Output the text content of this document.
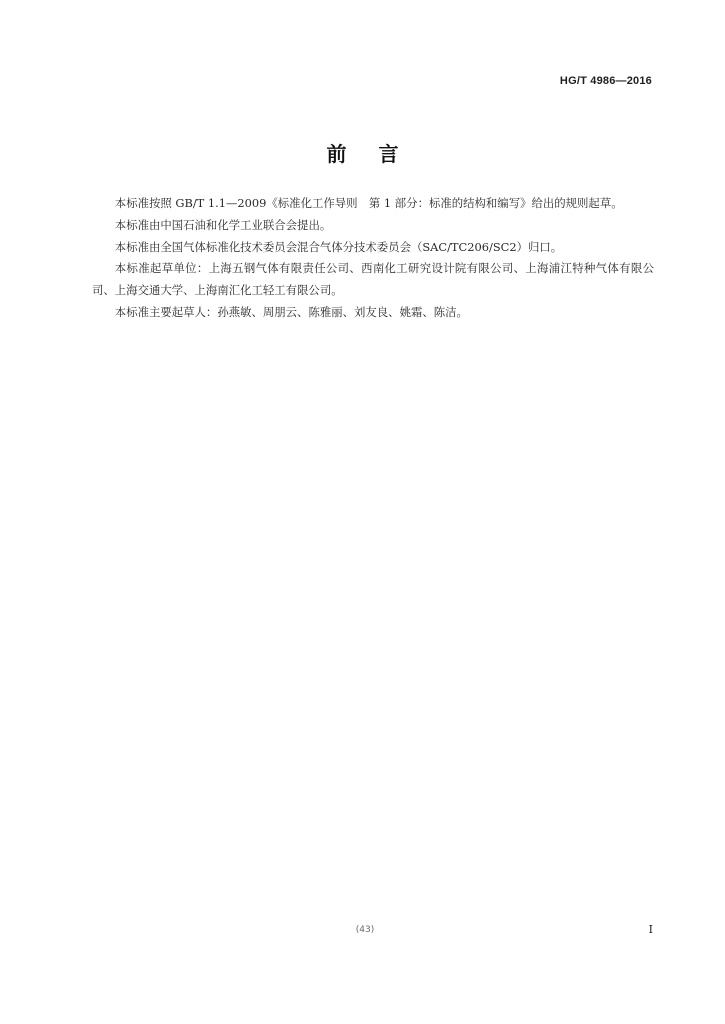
HG/T 4986—2016
前言

本标准按照 GB/T 1.1—2009《标准化工作导则　第 1 部分：标准的结构和编写》给出的规则起草。

本标准由中国石油和化学工业联合会提出。

本标准由全国气体标准化技术委员会混合气体分技术委员会（SAC/TC206/SC2）归口。

本标准起草单位：上海五钢气体有限责任公司、西南化工研究设计院有限公司、上海浦江特种气体有限公司、上海交通大学、上海南汇化工轻工有限公司。

本标准主要起草人：孙燕敏、周朋云、陈雅丽、刘友良、姚霜、陈洁。

(43)	I
